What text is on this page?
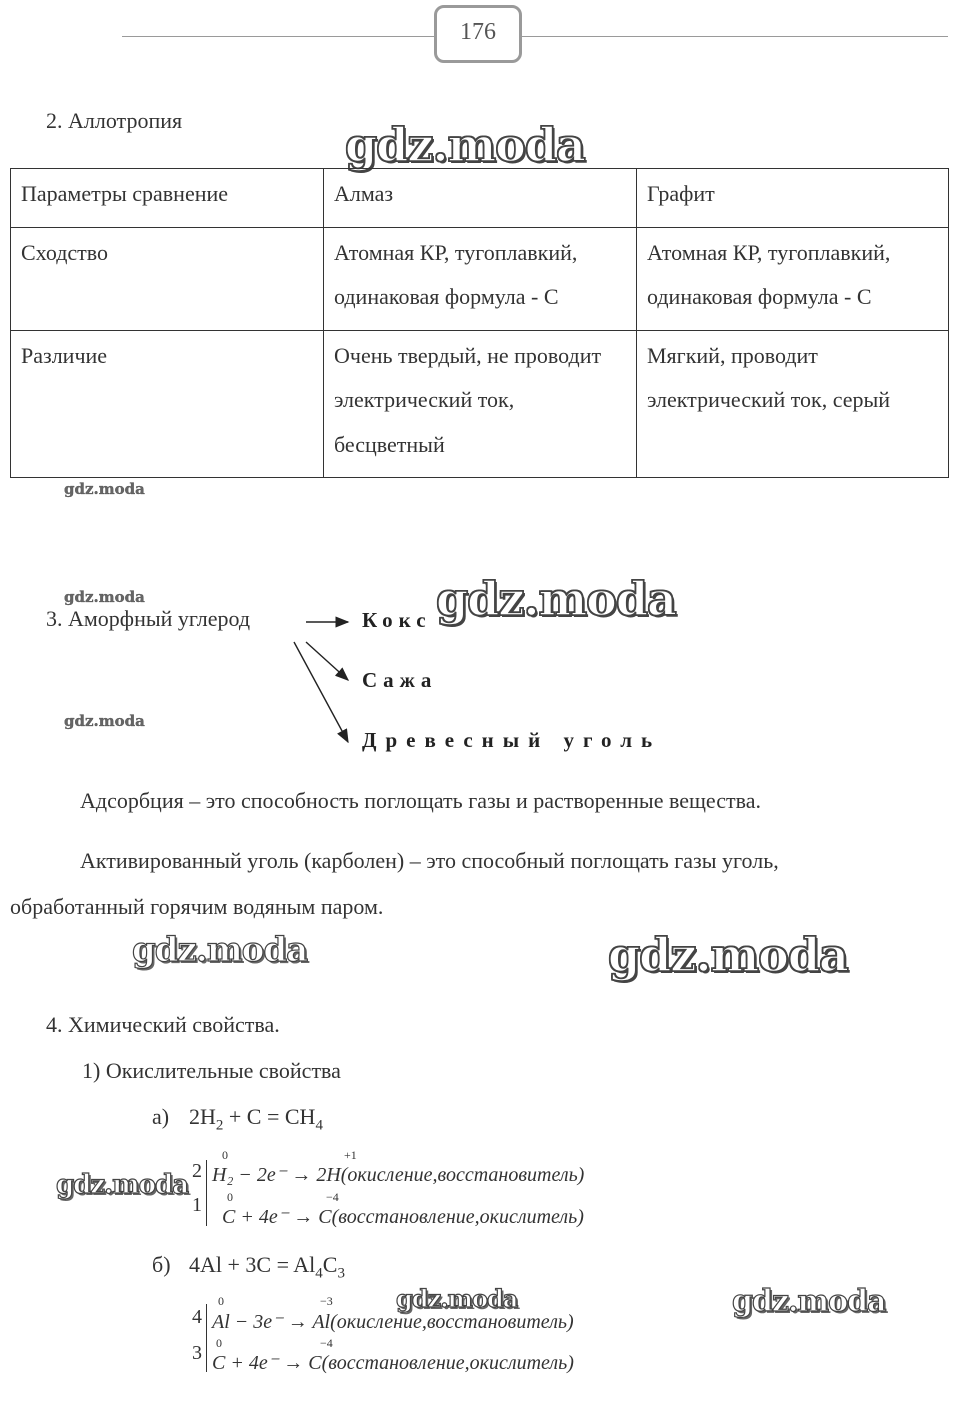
176
2. Аллотропия	gdz.moda
Параметры сравнение	Алмаз	Графит
Сходство	Атомная КР, тугоплавкий, одинаковая формула - С	Атомная КР, тугоплавкий, одинаковая формула - С
Различие	Очень твердый, не проводит электрический ток, бесцветный	Мягкий, проводит электрический ток, серый
gdz.moda
gdz.moda
3. Аморфный углерод	Кокс gdz.moda
Сажа
gdz.moda
Древесный уголь
Адсорбция – это способность поглощать газы и растворенные вещества.
Активированный уголь (карболен) – это способный поглощать газы уголь,
обработанный горячим водяным паром.
gdz.moda	gdz.moda
4. Химический свойства.
1) Окислительные свойства
а) $2H_2 + C = CH_4$
gdz.moda 2
1
0	+1
H₂ − 2e⁻ → 2H(окисление,восстановитель)
0	−4
C + 4e⁻ → C(восстановление,окислитель)
б) $4Al + 3C = Al_4C_3$
gdz.moda	gdz.moda
4
3
0	−3
Al − 3e⁻ → Al(окисление,восстановитель)
0	−4
C + 4e⁻ → C(восстановление,окислитель)
